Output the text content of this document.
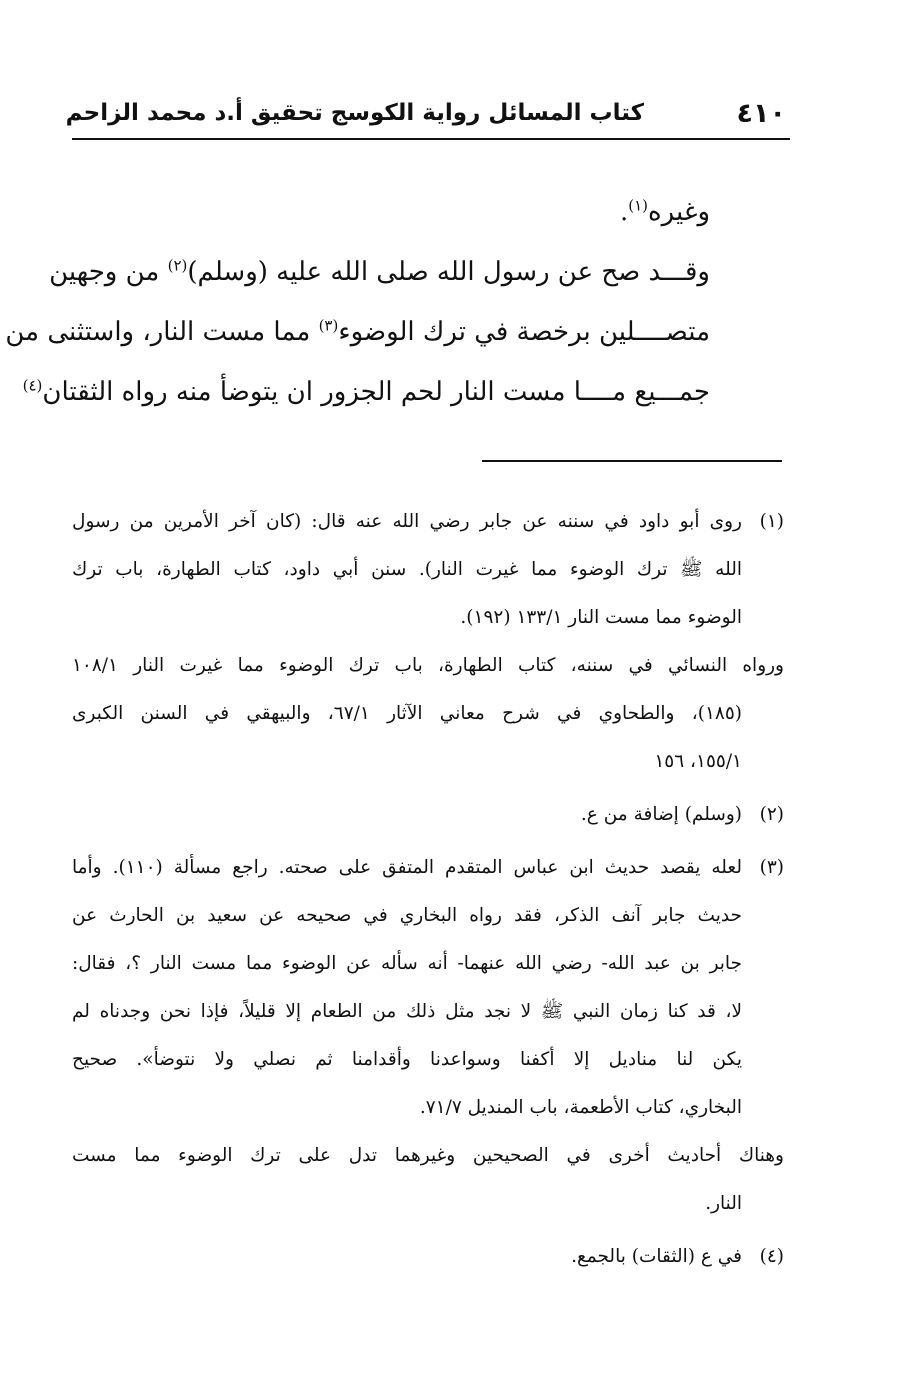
٤١٠
كتاب المسائل رواية الكوسج تحقيق أ.د محمد الزاحم
وغيره$^{(١)}$.
وقـــد صح عن رسول الله صلى الله عليه (وسلم)$^{(٢)}$ من وجهين
متصــــلين برخصة في ترك الوضوء$^{(٣)}$ مما مست النار، واستثنى من
جمـــيع مــــا مست النار لحم الجزور ان يتوضأ منه رواه الثقتان$^{(٤)}$
(١)
روى أبو داود في سننه عن جابر رضي الله عنه قال: (كان آخر الأمرين من رسول
الله ﷺ ترك الوضوء مما غيرت النار). سنن أبي داود، كتاب الطهارة، باب ترك
الوضوء مما مست النار ١٣٣/١ (١٩٢).
ورواه النسائي في سننه، كتاب الطهارة، باب ترك الوضوء مما غيرت النار ١٠٨/١
(١٨٥)، والطحاوي في شرح معاني الآثار ٦٧/١، والبيهقي في السنن الكبرى
١٥٥/١، ١٥٦
(٢)
(وسلم) إضافة من ع.
(٣)
لعله يقصد حديث ابن عباس المتقدم المتفق على صحته. راجع مسألة (١١٠). وأما
حديث جابر آنف الذكر، فقد رواه البخاري في صحيحه عن سعيد بن الحارث عن
جابر بن عبد الله- رضي الله عنهما- أنه سأله عن الوضوء مما مست النار ؟، فقال:
لا، قد كنا زمان النبي ﷺ لا نجد مثل ذلك من الطعام إلا قليلاً، فإذا نحن وجدناه لم
يكن لنا مناديل إلا أكفنا وسواعدنا وأقدامنا ثم نصلي ولا نتوضأ». صحيح
البخاري، كتاب الأطعمة، باب المنديل ٧١/٧.
وهناك أحاديث أخرى في الصحيحين وغيرهما تدل على ترك الوضوء مما مست
النار.
(٤)
في ع (الثقات) بالجمع.
